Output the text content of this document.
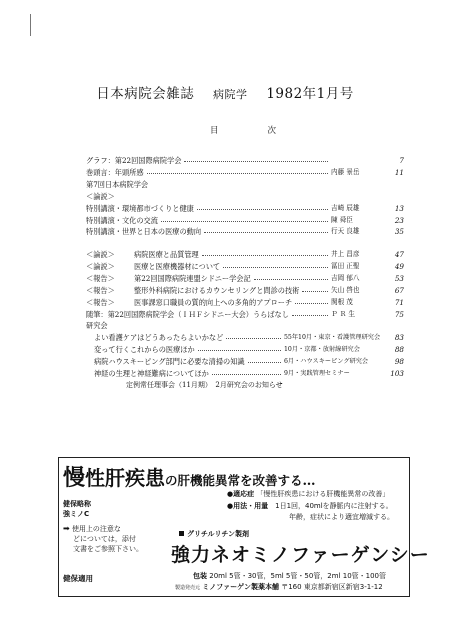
日本病院会雑誌 病院学 1982年1月号
目	次
グラフ：第22回国際病院学会	7
巻頭言：年頭所感	内藤 景岳	11
第7回日本病院学会
＜論説＞
特別講演・環境都市づくりと健康	吉崎 辰雄	13
特別講演・文化の交流	陳 舜臣	23
特別講演・世界と日本の医療の動向	行天 良雄	35
＜論説＞	病院医療と品質管理	井上 昌彦	47
＜論説＞	医療と医療機器材について	冨田 正聖	49
＜報告＞	第22回国際病院連盟シドニー学会記	吉岡 郁八	53
＜報告＞	整形外科病院におけるカウンセリングと問診の技術	矢山 啓也	67
＜報告＞	医事課窓口職員の質的向上への多角的アプローチ	関根 茂	71
随筆：第22回国際病院学会（ＩＨＦシドニー大会）うらばなし	Ｐ Ｒ 生	75
研究会
よい看護ケアはどうあったらよいかなど	55年10月・東京・看護管理研究会	83
変って行くこれからの医療ほか	10月・京都・放射線研究会	88
病院ハウスキーピング部門に必要な清掃の知識	6月・ハウスキーピング研究会	98
神経の生理と神経難病についてほか	9月・実践管理セミナー	103
定例常任理事会（11月期）　2月研究会のお知らせ
慢性肝疾患の肝機能異常を改善する…
健保略称
強ミノC
➡ 使用上の注意な
どについては，添付
文書をご参照下さい。
健保適用
●適応症 「慢性肝疾患における肝機能異常の改善」
●用法・用量　 1日1回，40mlを静脈内に注射する。
年齢，症状により適宜増減する。
グリチルリチン製剤
強力ネオミノファーゲンシー
包装 20ml 5管・30管，5ml 5管・50管，2ml 10管・100管
製造発売元 ミノファーゲン製薬本舗 〒160 東京都新宿区新宿3-1-12
